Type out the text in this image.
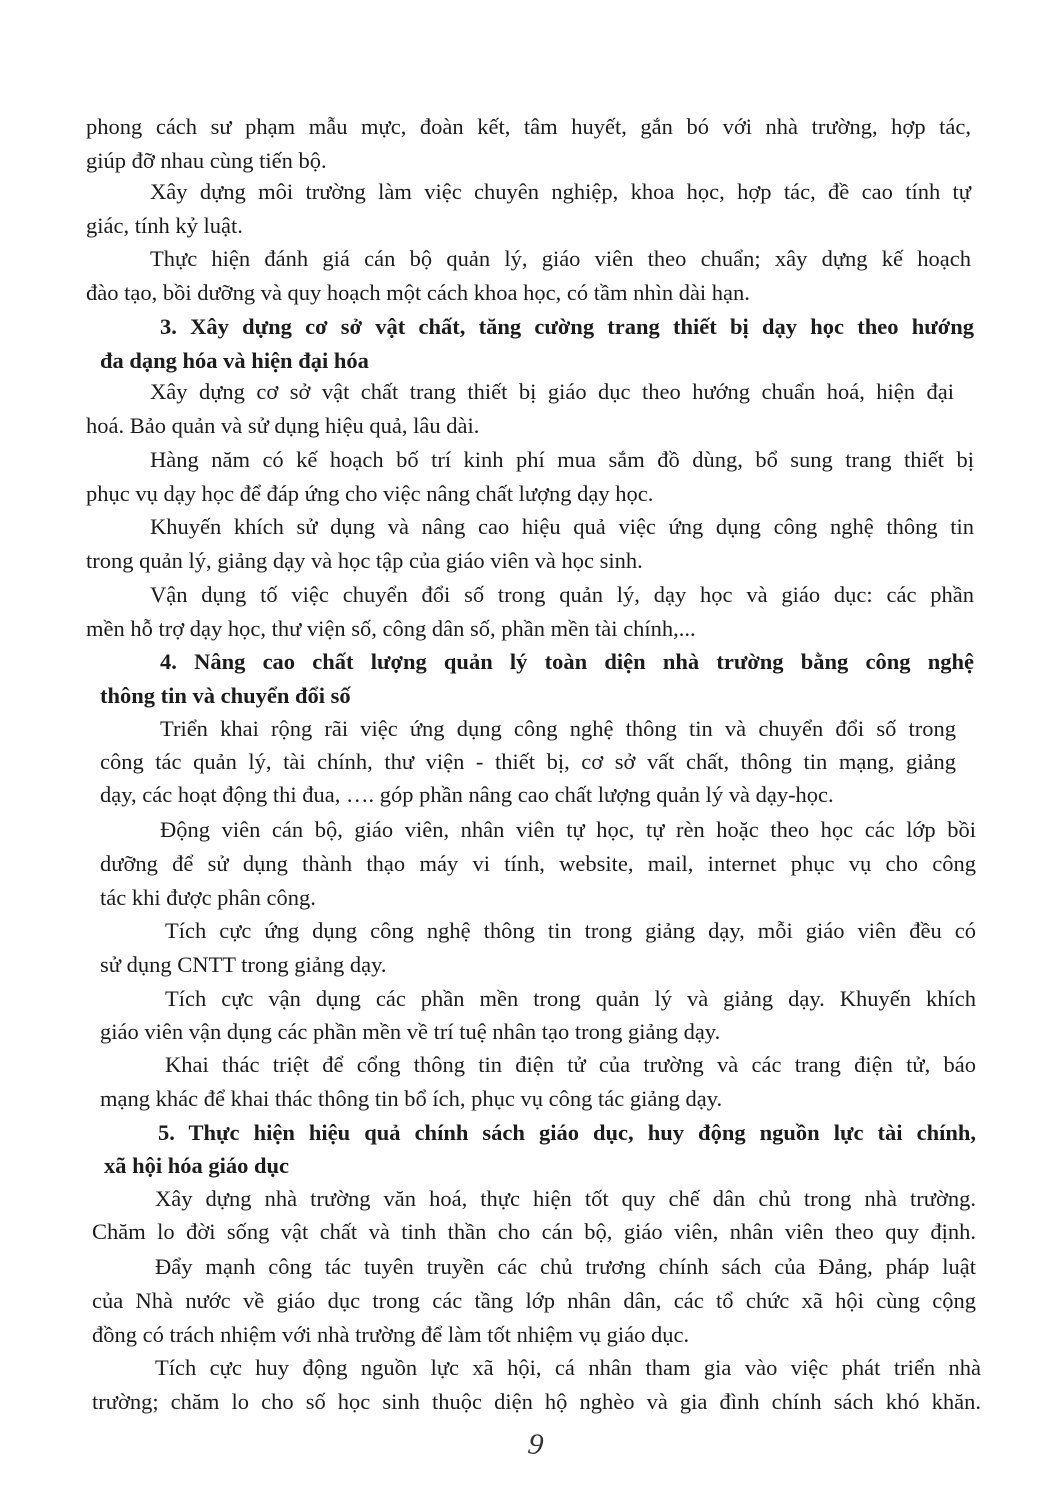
phong cách sư phạm mẫu mực, đoàn kết, tâm huyết, gắn bó với nhà trường, hợp tác,

giúp đỡ nhau cùng tiến bộ.

Xây dựng môi trường làm việc chuyên nghiệp, khoa học, hợp tác, đề cao tính tự

giác, tính kỷ luật.

Thực hiện đánh giá cán bộ quản lý, giáo viên theo chuẩn; xây dựng kế hoạch

đào tạo, bồi dưỡng và quy hoạch một cách khoa học, có tầm nhìn dài hạn.

3. Xây dựng cơ sở vật chất, tăng cường trang thiết bị dạy học theo hướng

đa dạng hóa và hiện đại hóa

Xây dựng cơ sở vật chất trang thiết bị giáo dục theo hướng chuẩn hoá, hiện đại

hoá. Bảo quản và sử dụng hiệu quả, lâu dài.

Hàng năm có kế hoạch bố trí kinh phí mua sắm đồ dùng, bổ sung trang thiết bị

phục vụ dạy học để đáp ứng cho việc nâng chất lượng dạy học.

Khuyến khích sử dụng và nâng cao hiệu quả việc ứng dụng công nghệ thông tin

trong quản lý, giảng dạy và học tập của giáo viên và học sinh.

Vận dụng tố việc chuyển đổi số trong quản lý, dạy học và giáo dục: các phần

mền hỗ trợ dạy học, thư viện số, công dân số, phần mền tài chính,...

4. Nâng cao chất lượng quản lý toàn diện nhà trường bằng công nghệ

thông tin và chuyển đổi số

Triển khai rộng rãi việc ứng dụng công nghệ thông tin và chuyển đổi số trong

công tác quản lý, tài chính, thư viện - thiết bị, cơ sở vất chất, thông tin mạng, giảng

dạy, các hoạt động thi đua, …. góp phần nâng cao chất lượng quản lý và dạy-học.

Động viên cán bộ, giáo viên, nhân viên tự học, tự rèn hoặc theo học các lớp bồi

dưỡng để sử dụng thành thạo máy vi tính, website, mail, internet phục vụ cho công

tác khi được phân công.

Tích cực ứng dụng công nghệ thông tin trong giảng dạy, mỗi giáo viên đều có

sử dụng CNTT trong giảng dạy.

Tích cực vận dụng các phần mền trong quản lý và giảng dạy. Khuyến khích

giáo viên vận dụng các phần mền về trí tuệ nhân tạo trong giảng dạy.

Khai thác triệt để cổng thông tin điện tử của trường và các trang điện tử, báo

mạng khác để khai thác thông tin bổ ích, phục vụ công tác giảng dạy.

5. Thực hiện hiệu quả chính sách giáo dục, huy động nguồn lực tài chính,

xã hội hóa giáo dục

Xây dựng nhà trường văn hoá, thực hiện tốt quy chế dân chủ trong nhà trường.

Chăm lo đời sống vật chất và tinh thần cho cán bộ, giáo viên, nhân viên theo quy định.

Đẩy mạnh công tác tuyên truyền các chủ trương chính sách của Đảng, pháp luật

của Nhà nước về giáo dục trong các tầng lớp nhân dân, các tổ chức xã hội cùng cộng

đồng có trách nhiệm với nhà trường để làm tốt nhiệm vụ giáo dục.

Tích cực huy động nguồn lực xã hội, cá nhân tham gia vào việc phát triển nhà

trường; chăm lo cho số học sinh thuộc diện hộ nghèo và gia đình chính sách khó khăn.

9
